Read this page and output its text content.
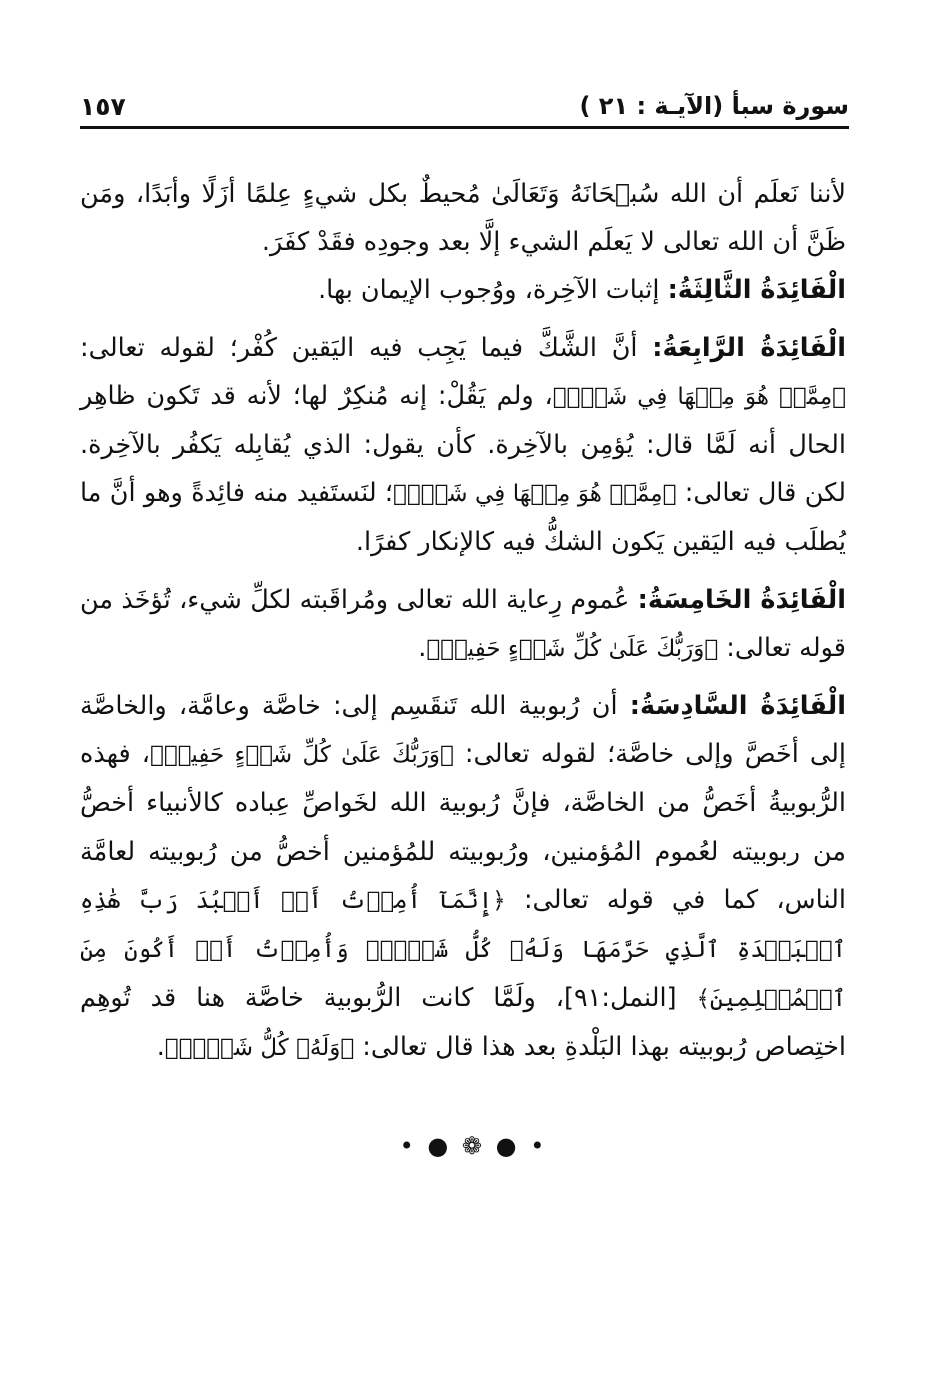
سورة سبأ (الآيـة : ٢١ )
١٥٧

لأننا نَعلَم أن الله سُبۡحَانَهُ وَتَعَالَىٰ مُحيطٌ بكل شيءٍ عِلمًا أزَلًا وأبَدًا، ومَن ظَنَّ أن الله تعالى لا يَعلَم الشيء إلَّا بعد وجودِه فقَدْ كفَرَ.

الْفَائِدَةُ الثَّالِثَةُ: إثبات الآخِرة، ووُجوب الإيمان بها.

الْفَائِدَةُ الرَّابِعَةُ: أنَّ الشَّكَّ فيما يَجِب فيه اليَقين كُفْر؛ لقوله تعالى: ﴿مِمَّنۡ هُوَ مِنۡهَا فِي شَكّٖ﴾، ولم يَقُلْ: إنه مُنكِرٌ لها؛ لأنه قد تَكون ظاهِر الحال أنه لَمَّا قال: يُؤمِن بالآخِرة. كأن يقول: الذي يُقابِله يَكفُر بالآخِرة. لكن قال تعالى: ﴿مِمَّنۡ هُوَ مِنۡهَا فِي شَكّٖ﴾؛ لنَستَفيد منه فائِدةً وهو أنَّ ما يُطلَب فيه اليَقين يَكون الشكُّ فيه كالإنكار كفرًا.

الْفَائِدَةُ الخَامِسَةُ: عُموم رِعاية الله تعالى ومُراقَبته لكلِّ شيء، تُؤخَذ من قوله تعالى: ﴿وَرَبُّكَ عَلَىٰ كُلِّ شَيۡءٍ حَفِيظٞ﴾.

الْفَائِدَةُ السَّادِسَةُ: أن رُبوبية الله تَنقَسِم إلى: خاصَّة وعامَّة، والخاصَّة إلى أخَصَّ وإلى خاصَّة؛ لقوله تعالى: ﴿وَرَبُّكَ عَلَىٰ كُلِّ شَيۡءٍ حَفِيظٞ﴾، فهذه الرُّبوبيةُ أخَصُّ من الخاصَّة، فإنَّ رُبوبية الله لخَواصِّ عِباده كالأنبياء أخصُّ من ربوبيته لعُموم المُؤمنين، ورُبوبيته للمُؤمنين أخصُّ من رُبوبيته لعامَّة الناس، كما في قوله تعالى: ﴿إِنَّمَآ أُمِرۡتُ أَنۡ أَعۡبُدَ رَبَّ هَٰذِهِ ٱلۡبَلۡدَةِ ٱلَّذِي حَرَّمَهَا وَلَهُۥ كُلُّ شَيۡءٖۖ وَأُمِرۡتُ أَنۡ أَكُونَ مِنَ ٱلۡمُسۡلِمِينَ﴾ [النمل:٩١]، ولَمَّا كانت الرُّبوبية خاصَّة هنا قد تُوهِم اختِصاص رُبوبيته بهذا البَلْدةِ بعد هذا قال تعالى: ﴿وَلَهُۥ كُلُّ شَيۡءٖ﴾.

• ● ❁ ● •
